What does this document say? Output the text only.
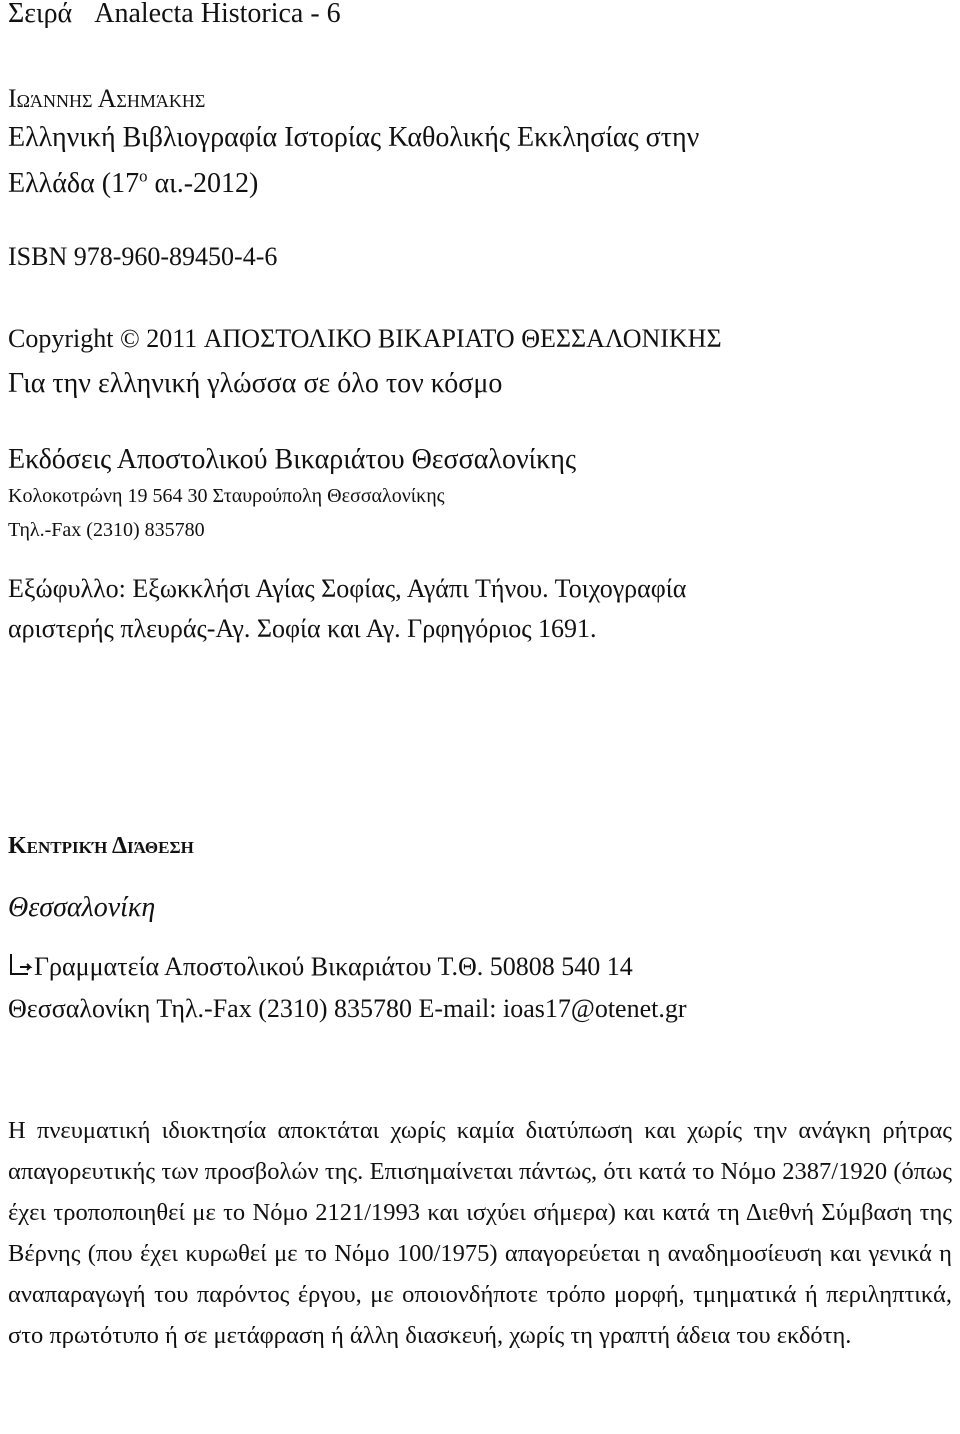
Σειρά Analecta Historica - 6
Ιωάννης Ασημάκης
Ελληνική Βιβλιογραφία Ιστορίας Καθολικής Εκκλησίας στην
Ελλάδα ($17^o$ αι.-2012)
ISBN 978-960-89450-4-6
Copyright © 2011 ΑΠΟΣΤΟΛΙΚΟ ΒΙΚΑΡΙΑΤΟ ΘΕΣΣΑΛΟΝΙΚΗΣ
Για την ελληνική γλώσσα σε όλο τον κόσμο
Εκδόσεις Αποστολικού Βικαριάτου Θεσσαλονίκης
Κολοκοτρώνη 19 564 30 Σταυρούπολη Θεσσαλονίκης
Τηλ.-Fax (2310) 835780
Εξώφυλλο: Εξωκκλήσι Αγίας Σοφίας, Αγάπι Τήνου. Τοιχογραφία
αριστερής πλευράς-Αγ. Σοφία και Αγ. Γρφηγόριος 1691.
Κεντρική Διάθεση
Θεσσαλονίκη
Γραμματεία Αποστολικού Βικαριάτου Τ.Θ. 50808 540 14
Θεσσαλονίκη Τηλ.-Fax (2310) 835780 E-mail: ioas17@otenet.gr
Η πνευματική ιδιοκτησία αποκτάται χωρίς καμία διατύπωση και χωρίς την ανάγκη ρήτρας απαγορευτικής των προσβολών της. Επισημαίνεται πάντως, ότι κατά το Νόμο 2387/1920 (όπως έχει τροποποιηθεί με το Νόμο 2121/1993 και ισχύει σήμερα) και κατά τη Διεθνή Σύμβαση της Βέρνης (που έχει κυρωθεί με το Νόμο 100/1975) απαγορεύεται η αναδημοσίευση και γενικά η αναπαραγωγή του παρόντος έργου, με οποιονδήποτε τρόπο μορφή, τμηματικά ή περιληπτικά, στο πρωτότυπο ή σε μετάφραση ή άλλη διασκευή, χωρίς τη γραπτή άδεια του εκδότη.
